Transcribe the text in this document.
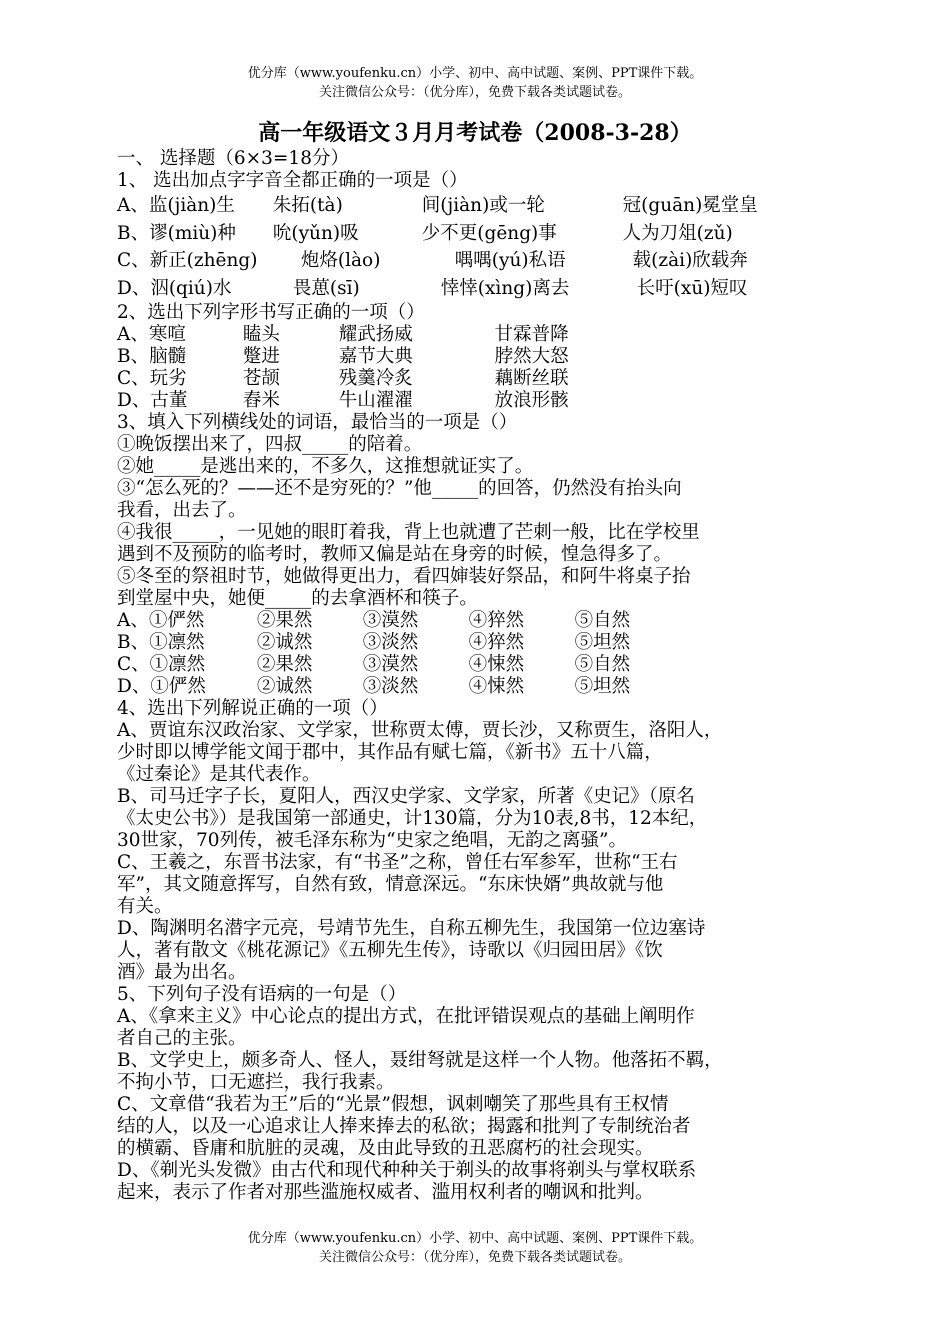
优分库（www.youfenku.cn）小学、初中、高中试题、案例、PPT课件下载。
关注微信公众号：（优分库），免费下载各类试题试卷。
高一年级语文３月月考试卷（2008-3-28）
一、 选择题（6×3=18分）
1、 选出加点字字音全都正确的一项是（）
A、监(jiàn)生 朱拓(tà)	间(jiàn)或一轮	冠(guān)冕堂皇
B、谬(miù)种 吮(yǔn)吸	少不更(gēng)事	人为刀俎(zǔ)
C、新正(zhēng) 炮烙(lào)	喁喁(yú)私语	载(zài)欣载奔
D、泅(qiú)水	畏葸(sī)	悻悻(xìng)离去	长吁(xū)短叹
2、选出下列字形书写正确的一项（）
A、寒喧	瞌头	耀武扬威	甘霖普降
B、脑髓	蹩进	嘉节大典	脖然大怒
C、玩劣	苍颉	残羹冷炙	藕断丝联
D、古董	舂米	牛山濯濯	放浪形骸
3、填入下列横线处的词语，最恰当的一项是（）
①晚饭摆出来了，四叔_____的陪着。
②她_____是逃出来的，不多久，这推想就证实了。
③“怎么死的？——还不是穷死的？”他_____的回答，仍然没有抬头向
我看，出去了。
④我很_____，一见她的眼盯着我，背上也就遭了芒刺一般，比在学校里
遇到不及预防的临考时，教师又偏是站在身旁的时候，惶急得多了。
⑤冬至的祭祖时节，她做得更出力，看四婶装好祭品，和阿牛将桌子抬
到堂屋中央，她便_____的去拿酒杯和筷子。
A、①俨然	②果然	③漠然	④猝然	⑤自然
B、①凛然	②诚然	③淡然	④猝然	⑤坦然
C、①凛然	②果然	③漠然	④悚然	⑤自然
D、①俨然	②诚然	③淡然	④悚然	⑤坦然
4、选出下列解说正确的一项（）
A、贾谊东汉政治家、文学家，世称贾太傅，贾长沙，又称贾生，洛阳人，
少时即以博学能文闻于郡中，其作品有赋七篇，《新书》五十八篇，
《过秦论》是其代表作。
B、司马迁字子长，夏阳人，西汉史学家、文学家，所著《史记》（原名
《太史公书》）是我国第一部通史，计130篇，分为10表,8书，12本纪，
30世家，70列传，被毛泽东称为“史家之绝唱，无韵之离骚”。
C、王羲之，东晋书法家，有“书圣”之称，曾任右军参军，世称“王右
军”，其文随意挥写，自然有致，情意深远。“东床快婿”典故就与他
有关。
D、陶渊明名潜字元亮，号靖节先生，自称五柳先生，我国第一位边塞诗
人，著有散文《桃花源记》《五柳先生传》，诗歌以《归园田居》《饮
酒》最为出名。
5、下列句子没有语病的一句是（）
A、《拿来主义》中心论点的提出方式，在批评错误观点的基础上阐明作
者自己的主张。
B、文学史上，颇多奇人、怪人，聂绀弩就是这样一个人物。他落拓不羁，
不拘小节，口无遮拦，我行我素。
C、文章借“我若为王”后的“光景”假想，讽刺嘲笑了那些具有王权情
结的人，以及一心追求让人捧来捧去的私欲；揭露和批判了专制统治者
的横霸、昏庸和肮脏的灵魂，及由此导致的丑恶腐朽的社会现实。
D、《剃光头发微》由古代和现代种种关于剃头的故事将剃头与掌权联系
起来，表示了作者对那些滥施权威者、滥用权利者的嘲讽和批判。
优分库（www.youfenku.cn）小学、初中、高中试题、案例、PPT课件下载。
关注微信公众号：（优分库），免费下载各类试题试卷。
